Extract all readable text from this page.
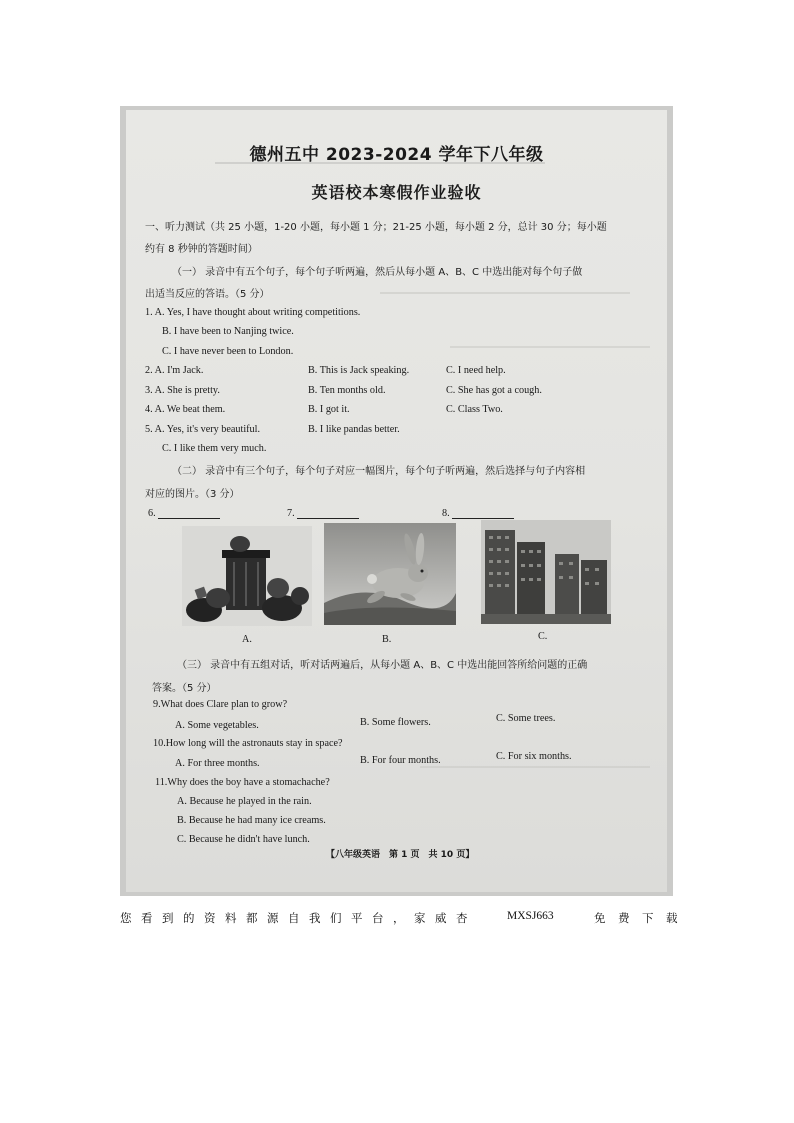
德州五中 2023-2024 学年下八年级
英语校本寒假作业验收
一、听力测试（共 25 小题，1-20 小题，每小题 1 分；21-25 小题，每小题 2 分，总计 30 分；每小题
约有 8 秒钟的答题时间）
（一） 录音中有五个句子，每个句子听两遍，然后从每小题 A、B、C 中选出能对每个句子做
出适当反应的答语。（5 分）
1. A. Yes, I have thought about writing competitions.
B. I have been to Nanjing twice.
C. I have never been to London.
2. A. I'm Jack.	B. This is Jack speaking.	C. I need help.
3. A. She is pretty.	B. Ten months old.	C. She has got a cough.
4. A. We beat them.	B. I got it.	C. Class Two.
5. A. Yes, it's very beautiful.	B. I like pandas better.
C. I like them very much.
（二） 录音中有三个句子，每个句子对应一幅图片，每个句子听两遍，然后选择与句子内容相
对应的图片。（3 分）
6.	7.	8.
A.	B.	C.
（三） 录音中有五组对话，听对话两遍后，从每小题 A、B、C 中选出能回答所给问题的正确
答案。（5 分）
9.What does Clare plan to grow?
A. Some vegetables.	B. Some flowers.	C. Some trees.
10.How long will the astronauts stay in space?
A. For three months.	B. For four months.	C. For six months.
11.Why does the boy have a stomachache?
A. Because he played in the rain.
B. Because he had many ice creams.
C. Because he didn't have lunch.
【八年级英语　第 1 页　共 10 页】
您 看 到 的 资 料 都 源 自 我 们 平 台 ， 家 威 杏	MXSJ663	免 费 下 载
